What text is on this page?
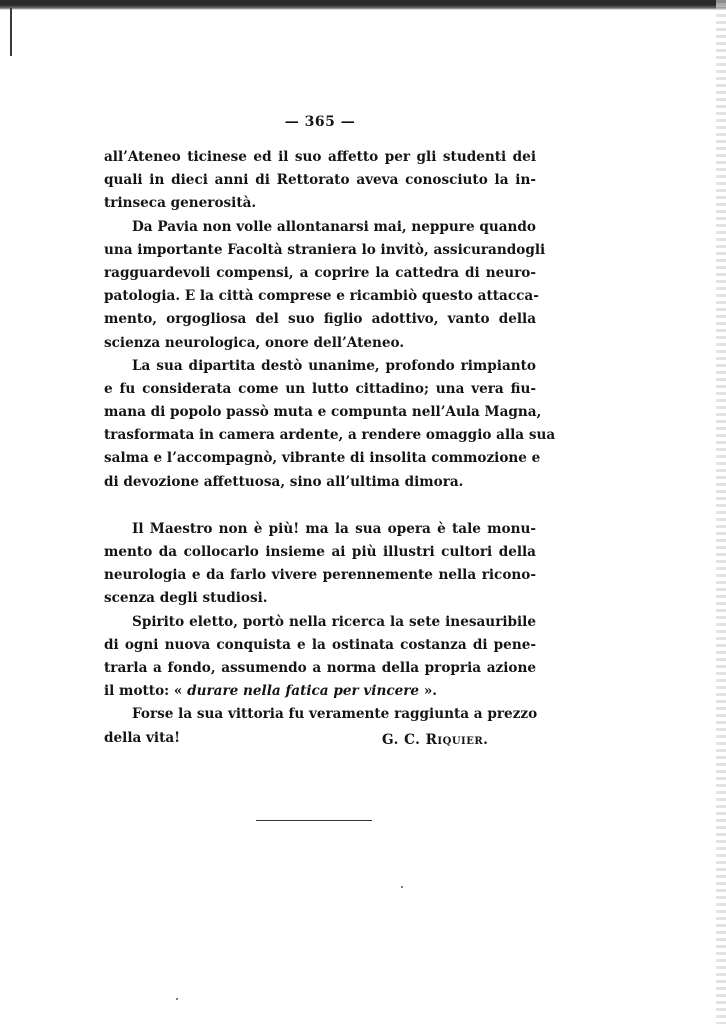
— 365 —
all’Ateneo ticinese ed il suo affetto per gli studenti dei
quali in dieci anni di Rettorato aveva conosciuto la in-
trinseca generosità.
Da Pavia non volle allontanarsi mai, neppure quando
una importante Facoltà straniera lo invitò, assicurandogli
ragguardevoli compensi, a coprire la cattedra di neuro-
patologia. E la città comprese e ricambiò questo attacca-
mento, orgogliosa del suo figlio adottivo, vanto della
scienza neurologica, onore dell’Ateneo.
La sua dipartita destò unanime, profondo rimpianto
e fu considerata come un lutto cittadino; una vera fiu-
mana di popolo passò muta e compunta nell’Aula Magna,
trasformata in camera ardente, a rendere omaggio alla sua
salma e l’accompagnò, vibrante di insolita commozione e
di devozione affettuosa, sino all’ultima dimora.
Il Maestro non è più! ma la sua opera è tale monu-
mento da collocarlo insieme ai più illustri cultori della
neurologia e da farlo vivere perennemente nella ricono-
scenza degli studiosi.
Spirito eletto, portò nella ricerca la sete inesauribile
di ogni nuova conquista e la ostinata costanza di pene-
trarla a fondo, assumendo a norma della propria azione
il motto: « durare nella fatica per vincere ».
Forse la sua vittoria fu veramente raggiunta a prezzo
della vita!	G. C. Riquier.
